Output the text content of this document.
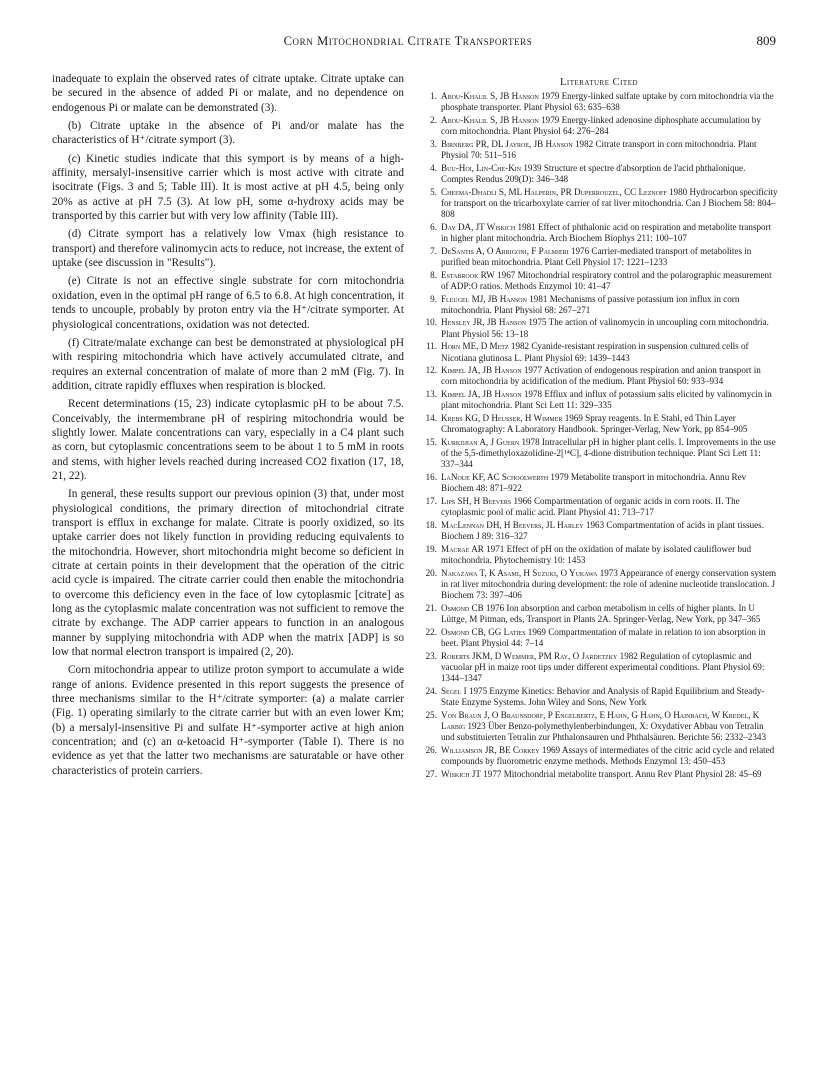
Corn Mitochondrial Citrate Transporters	809

inadequate to explain the observed rates of citrate uptake. Citrate uptake can be secured in the absence of added Pi or malate, and no dependence on endogenous Pi or malate can be demonstrated (3).

(b) Citrate uptake in the absence of Pi and/or malate has the characteristics of H⁺/citrate symport (3).

(c) Kinetic studies indicate that this symport is by means of a high-affinity, mersalyl-insensitive carrier which is most active with citrate and isocitrate (Figs. 3 and 5; Table III). It is most active at pH 4.5, being only 20% as active at pH 7.5 (3). At low pH, some α-hydroxy acids may be transported by this carrier but with very low affinity (Table III).

(d) Citrate symport has a relatively low Vmax (high resistance to transport) and therefore valinomycin acts to reduce, not increase, the extent of uptake (see discussion in "Results").

(e) Citrate is not an effective single substrate for corn mitochondria oxidation, even in the optimal pH range of 6.5 to 6.8. At high concentration, it tends to uncouple, probably by proton entry via the H⁺/citrate symporter. At physiological concentrations, oxidation was not detected.

(f) Citrate/malate exchange can best be demonstrated at physiological pH with respiring mitochondria which have actively accumulated citrate, and requires an external concentration of malate of more than 2 mM (Fig. 7). In addition, citrate rapidly effluxes when respiration is blocked.

Recent determinations (15, 23) indicate cytoplasmic pH to be about 7.5. Conceivably, the intermembrane pH of respiring mitochondria would be slightly lower. Malate concentrations can vary, especially in a C4 plant such as corn, but cytoplasmic concentrations seem to be about 1 to 5 mM in roots and stems, with higher levels reached during increased CO2 fixation (17, 18, 21, 22).

In general, these results support our previous opinion (3) that, under most physiological conditions, the primary direction of mitochondrial citrate transport is efflux in exchange for malate. Citrate is poorly oxidized, so its uptake carrier does not likely function in providing reducing equivalents to the mitochondria. However, short mitochondria might become so deficient in citrate at certain points in their development that the operation of the citric acid cycle is impaired. The citrate carrier could then enable the mitochondria to overcome this deficiency even in the face of low cytoplasmic [citrate] as long as the cytoplasmic malate concentration was not sufficient to remove the citrate by exchange. The ADP carrier appears to function in an analogous manner by supplying mitochondria with ADP when the matrix [ADP] is so low that normal electron transport is impaired (2, 20).

Corn mitochondria appear to utilize proton symport to accumulate a wide range of anions. Evidence presented in this report suggests the presence of three mechanisms similar to the H⁺/citrate symporter: (a) a malate carrier (Fig. 1) operating similarly to the citrate carrier but with an even lower Km; (b) a mersalyl-insensitive Pi and sulfate H⁺-symporter active at high anion concentration; and (c) an α-ketoacid H⁺-symporter (Table I). There is no evidence as yet that the latter two mechanisms are saturatable or have other characteristics of protein carriers.

Literature Cited
1. Abou-Khalil S, JB Hanson 1979 Energy-linked sulfate uptake by corn mitochondria via the phosphate transporter. Plant Physiol 63: 635–638
2. Abou-Khalil S, JB Hanson 1979 Energy-linked adenosine diphosphate accumulation by corn mitochondria. Plant Physiol 64: 276–284
3. Birnberg PR, DL Jayroe, JB Hanson 1982 Citrate transport in corn mitochondria. Plant Physiol 70: 511–516
4. Buu-Hoi, Lin-Che-Kin 1939 Structure et spectre d'absorption de l'acid phthalonique. Comptes Rendus 209(D): 346–348
5. Cheema-Dhadli S, ML Halperin, PR Duperrouzel, CC Leznoff 1980 Hydrocarbon specificity for transport on the tricarboxylate carrier of rat liver mitochondria. Can J Biochem 58: 804–808
6. Day DA, JT Wiskich 1981 Effect of phthalonic acid on respiration and metabolite transport in higher plant mitochondria. Arch Biochem Biophys 211: 100–107
7. DeSantis A, O Arrigoni, F Palmieri 1976 Carrier-mediated transport of metabolites in purified bean mitochondria. Plant Cell Physiol 17: 1221–1233
8. Estabrook RW 1967 Mitochondrial respiratory control and the polarographic measurement of ADP:O ratios. Methods Enzymol 10: 41–47
9. Fleugel MJ, JB Hanson 1981 Mechanisms of passive potassium ion influx in corn mitochondria. Plant Physiol 68: 267–271
10. Hensley JR, JB Hanson 1975 The action of valinomycin in uncoupling corn mitochondria. Plant Physiol 56: 13–18
11. Horn ME, D Metz 1982 Cyanide-resistant respiration in suspension cultured cells of Nicotiana glutinosa L. Plant Physiol 69: 1439–1443
12. Kimpel JA, JB Hanson 1977 Activation of endogenous respiration and anion transport in corn mitochondria by acidification of the medium. Plant Physiol 60: 933–934
13. Kimpel JA, JB Hanson 1978 Efflux and influx of potassium salts elicited by valinomycin in plant mitochondria. Plant Sci Lett 11: 329–335
14. Krebs KG, D Heusser, H Wimmer 1969 Spray reagents. In E Stahl, ed Thin Layer Chromatography: A Laboratory Handbook. Springer-Verlag, New York, pp 854–905
15. Kurkdjian A, J Guern 1978 Intracellular pH in higher plant cells. I. Improvements in the use of the 5,5-dimethyloxazolidine-2[¹⁴C], 4-dione distribution technique. Plant Sci Lett 11: 337–344
16. LaNoue KF, AC Schoolwerth 1979 Metabolite transport in mitochondria. Annu Rev Biochem 48: 871–922
17. Lips SH, H Beevers 1966 Compartmentation of organic acids in corn roots. II. The cytoplasmic pool of malic acid. Plant Physiol 41: 713–717
18. MacLennan DH, H Beevers, JL Harley 1963 Compartmentation of acids in plant tissues. Biochem J 89: 316–327
19. Macrae AR 1971 Effect of pH on the oxidation of malate by isolated cauliflower bud mitochondria. Phytochemistry 10: 1453
20. Nakazawa T, K Asami, H Suzuki, O Yukawa 1973 Appearance of energy conservation system in rat liver mitochondria during development: the role of adenine nucleotide translocation. J Biochem 73: 397–406
21. Osmond CB 1976 Ion absorption and carbon metabolism in cells of higher plants. In U Lüttge, M Pitman, eds, Transport in Plants 2A. Springer-Verlag, New York, pp 347–365
22. Osmond CB, GG Laties 1969 Compartmentation of malate in relation to ion absorption in beet. Plant Physiol 44: 7–14
23. Roberts JKM, D Wemmer, PM Ray, O Jardetzky 1982 Regulation of cytoplasmic and vacuolar pH in maize root tips under different experimental conditions. Plant Physiol 69: 1344–1347
24. Segel I 1975 Enzyme Kinetics: Behavior and Analysis of Rapid Equilibrium and Steady-State Enzyme Systems. John Wiley and Sons, New York
25. Von Braun J, O Braunsdorf, P Engelbertz, E Hahn, G Hahn, O Hainbach, W Kredel, K Larbig 1923 Über Benzo-polymethylenberbindungen, X: Oxydativer Abbau von Tetralin und substituierten Tetralin zur Phthalonsauren und Phthalsäuren. Berichte 56: 2332–2343
26. Williamson JR, BE Corkey 1969 Assays of intermediates of the citric acid cycle and related compounds by fluorometric enzyme methods. Methods Enzymol 13: 450–453
27. Wiskich JT 1977 Mitochondrial metabolite transport. Annu Rev Plant Physiol 28: 45–69
